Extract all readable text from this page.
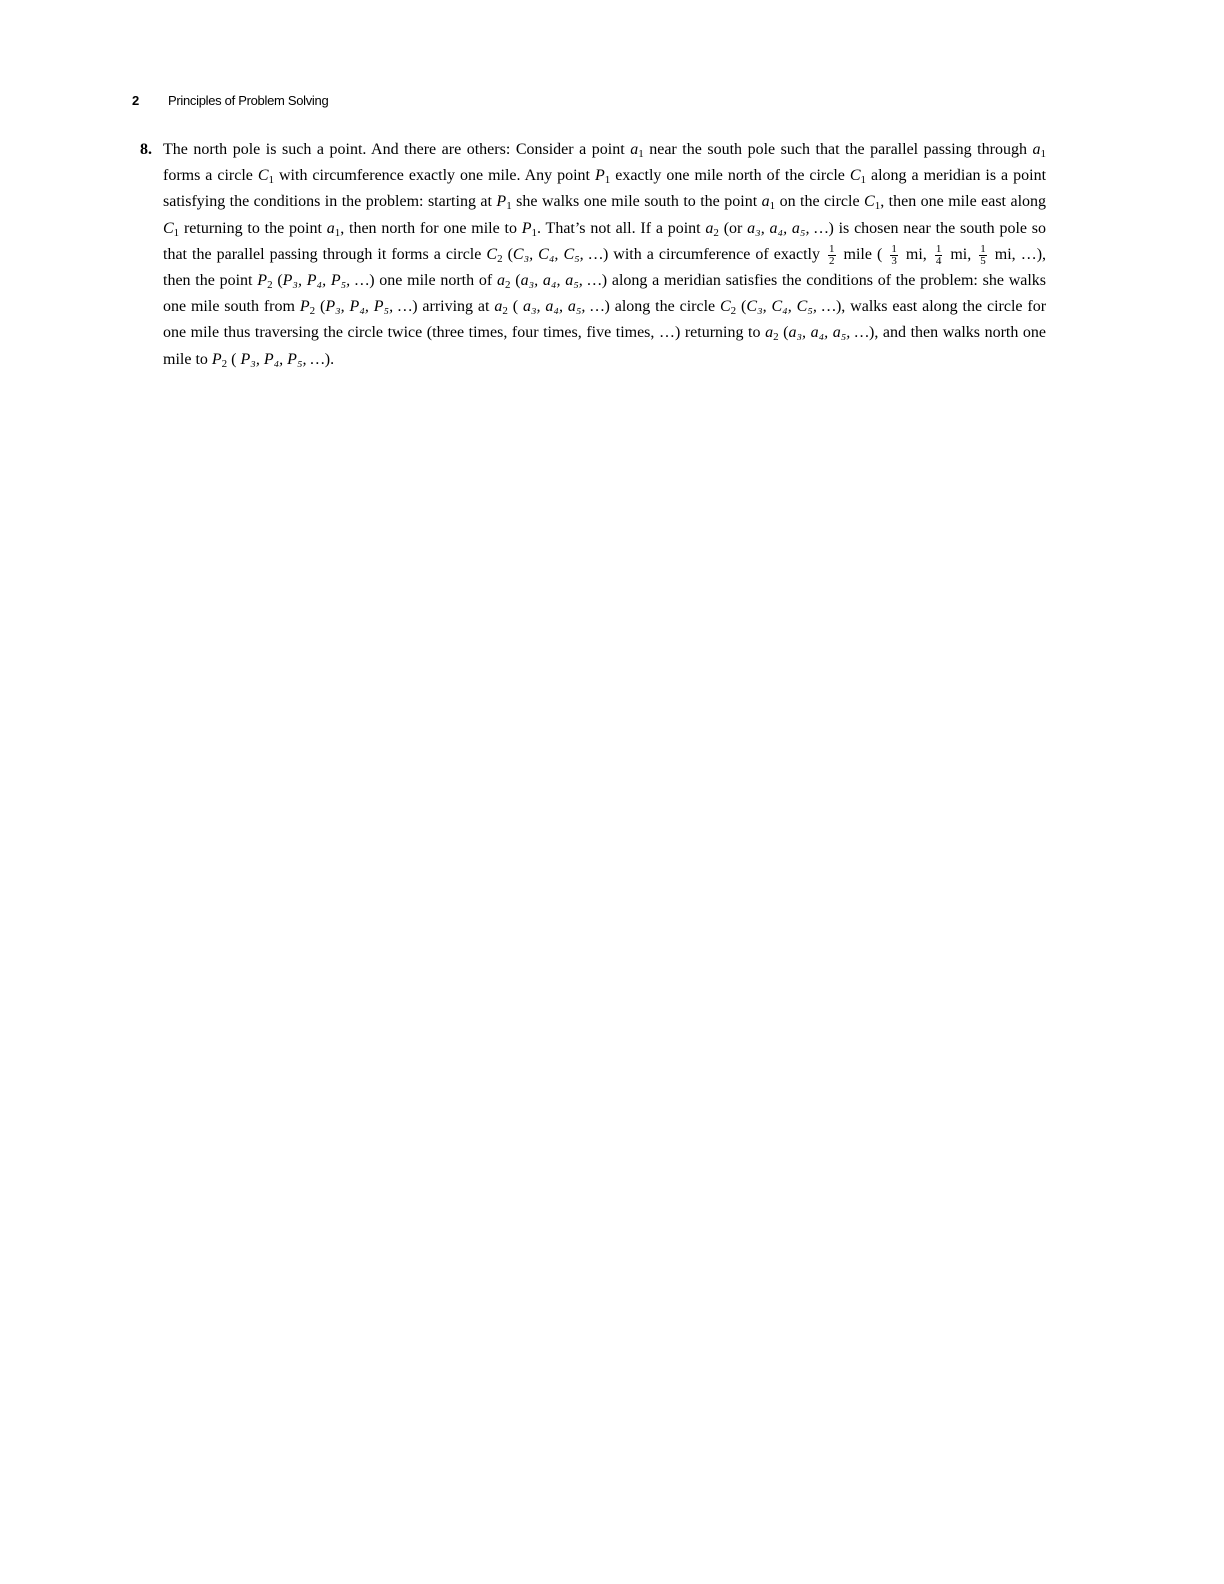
2 Principles of Problem Solving
8. The north pole is such a point. And there are others: Consider a point $a_1$ near the south pole such that the parallel passing through $a_1$ forms a circle $C_1$ with circumference exactly one mile. Any point $P_1$ exactly one mile north of the circle $C_1$ along a meridian is a point satisfying the conditions in the problem: starting at $P_1$ she walks one mile south to the point $a_1$ on the circle $C_1$, then one mile east along $C_1$ returning to the point $a_1$, then north for one mile to $P_1$. That’s not all. If a point $a_2$ (or a₃, a₄, a₅, …) is chosen near the south pole so that the parallel passing through it forms a circle $C_2$ (C₃, C₄, C₅, …) with a circumference of exactly $\frac{1}{2}$ mile ( $\frac{1}{3}$ mi, $\frac{1}{4}$ mi, $\frac{1}{5}$ mi, …), then the point $P_2$ (P₃, P₄, P₅, …) one mile north of $a_2$ (a₃, a₄, a₅, …) along a meridian satisfies the conditions of the problem: she walks one mile south from $P_2$ (P₃, P₄, P₅, …) arriving at $a_2$ ( a₃, a₄, a₅, …) along the circle $C_2$ (C₃, C₄, C₅, …), walks east along the circle for one mile thus traversing the circle twice (three times, four times, five times, …) returning to $a_2$ (a₃, a₄, a₅, …), and then walks north one mile to $P_2$ ( P₃, P₄, P₅, …).
